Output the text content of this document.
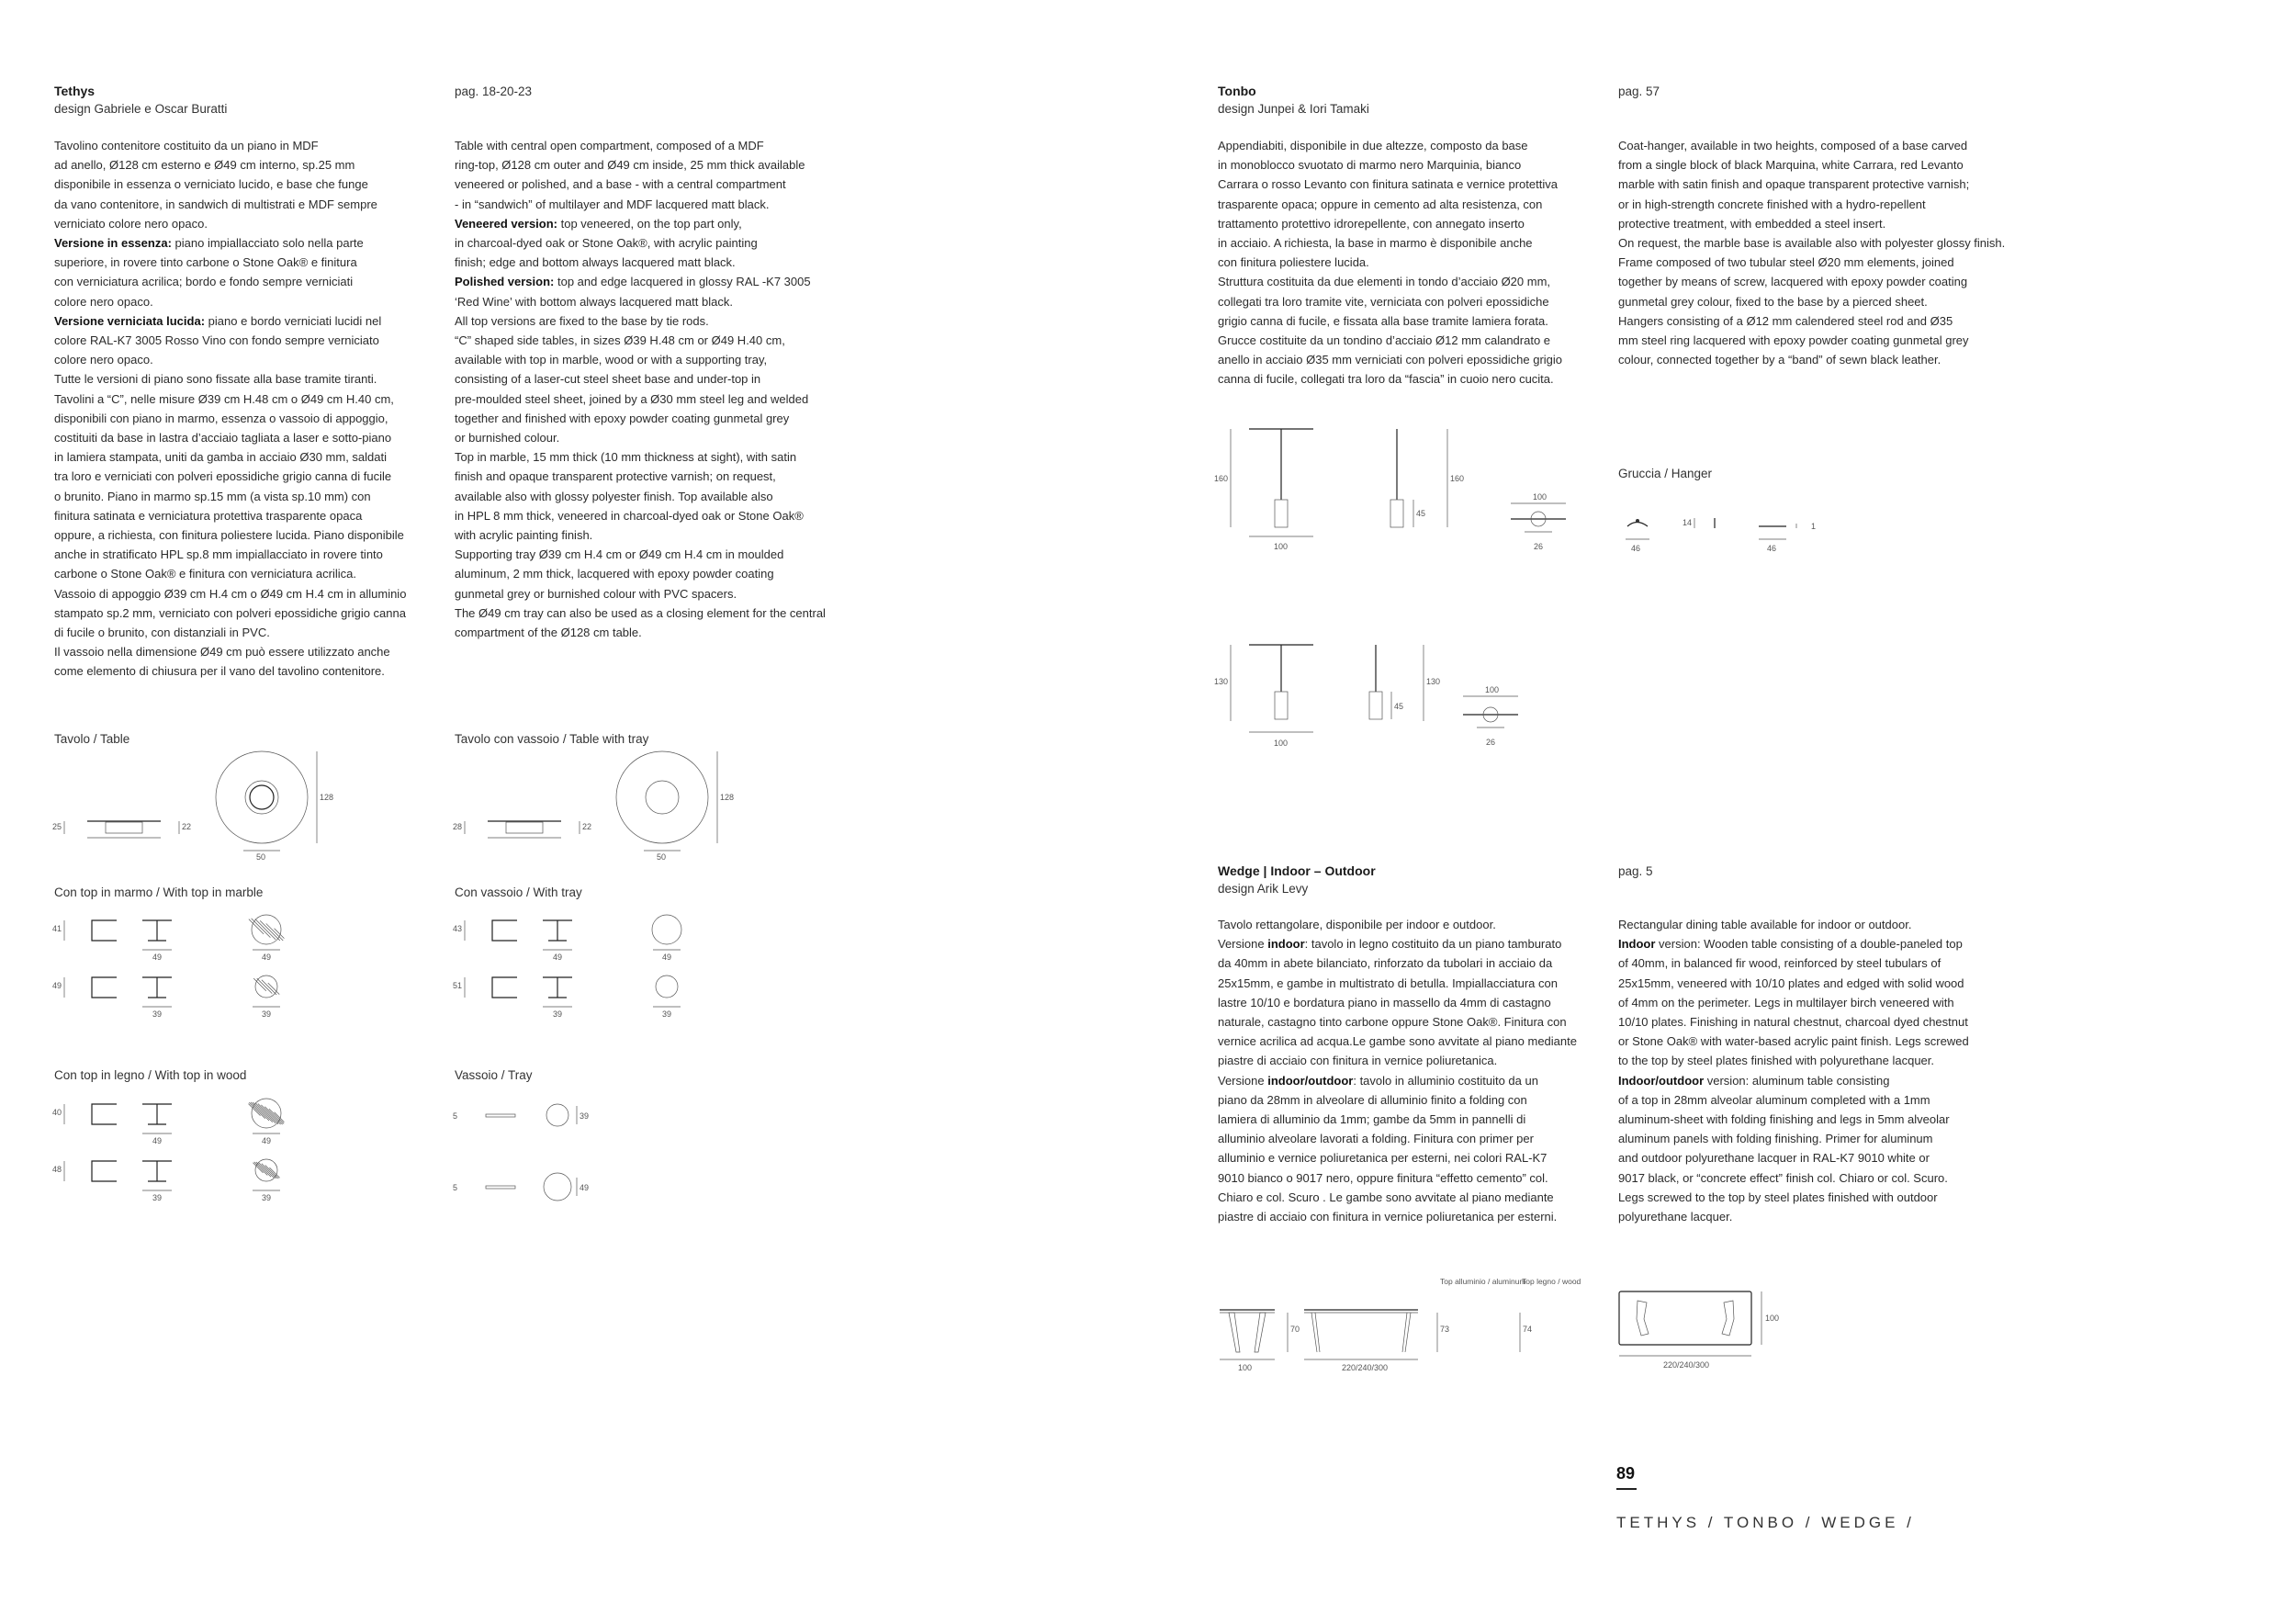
Tethys
design Gabriele e Oscar Buratti
pag. 18-20-23
Tavolino contenitore costituito da un piano in MDF
ad anello, Ø128 cm esterno e Ø49 cm interno, sp.25 mm
disponibile in essenza o verniciato lucido, e base che funge
da vano contenitore, in sandwich di multistrati e MDF sempre
verniciato colore nero opaco.
Versione in essenza: piano impiallacciato solo nella parte
superiore, in rovere tinto carbone o Stone Oak® e finitura
con verniciatura acrilica; bordo e fondo sempre verniciati
colore nero opaco.
Versione verniciata lucida: piano e bordo verniciati lucidi nel
colore RAL-K7 3005 Rosso Vino con fondo sempre verniciato
colore nero opaco.
Tutte le versioni di piano sono fissate alla base tramite tiranti.
Tavolini a “C”, nelle misure Ø39 cm H.48 cm o Ø49 cm H.40 cm,
disponibili con piano in marmo, essenza o vassoio di appoggio,
costituiti da base in lastra d’acciaio tagliata a laser e sotto-piano
in lamiera stampata, uniti da gamba in acciaio Ø30 mm, saldati
tra loro e verniciati con polveri epossidiche grigio canna di fucile
o brunito. Piano in marmo sp.15 mm (a vista sp.10 mm) con
finitura satinata e verniciatura protettiva trasparente opaca
oppure, a richiesta, con finitura poliestere lucida. Piano disponibile
anche in stratificato HPL sp.8 mm impiallacciato in rovere tinto
carbone o Stone Oak® e finitura con verniciatura acrilica.
Vassoio di appoggio Ø39 cm H.4 cm o Ø49 cm H.4 cm in alluminio
stampato sp.2 mm, verniciato con polveri epossidiche grigio canna
di fucile o brunito, con distanziali in PVC.
Il vassoio nella dimensione Ø49 cm può essere utilizzato anche
come elemento di chiusura per il vano del tavolino contenitore.
Table with central open compartment, composed of a MDF
ring-top, Ø128 cm outer and Ø49 cm inside, 25 mm thick available
veneered or polished, and a base - with a central compartment
- in “sandwich” of multilayer and MDF lacquered matt black.
Veneered version: top veneered, on the top part only,
in charcoal-dyed oak or Stone Oak®, with acrylic painting
finish; edge and bottom always lacquered matt black.
Polished version: top and edge lacquered in glossy RAL -K7 3005
‘Red Wine’ with bottom always lacquered matt black.
All top versions are fixed to the base by tie rods.
“C” shaped side tables, in sizes Ø39 H.48 cm or Ø49 H.40 cm,
available with top in marble, wood or with a supporting tray,
consisting of a laser-cut steel sheet base and under-top in
pre-moulded steel sheet, joined by a Ø30 mm steel leg and welded
together and finished with epoxy powder coating gunmetal grey
or burnished colour.
Top in marble, 15 mm thick (10 mm thickness at sight), with satin
finish and opaque transparent protective varnish; on request,
available also with glossy polyester finish. Top available also
in HPL 8 mm thick, veneered in charcoal-dyed oak or Stone Oak®
with acrylic painting finish.
Supporting tray Ø39 cm H.4 cm or Ø49 cm H.4 cm in moulded
aluminum, 2 mm thick, lacquered with epoxy powder coating
gunmetal grey or burnished colour with PVC spacers.
The Ø49 cm tray can also be used as a closing element for the central
compartment of the Ø128 cm table.
Tavolo / Table
25	22
128
50
Tavolo con vassoio / Table with tray
28	22
128
50
Con top in marmo / With top in marble
41
49	49
49
39	39
Con vassoio / With tray
43
49	49
51
39	39
Con top in legno / With top in wood
40
49	49
48
39	39
Vassoio / Tray
5	39
5	49
Tonbo
design Junpei & Iori Tamaki
pag. 57
Appendiabiti, disponibile in due altezze, composto da base
in monoblocco svuotato di marmo nero Marquinia, bianco
Carrara o rosso Levanto con finitura satinata e vernice protettiva
trasparente opaca; oppure in cemento ad alta resistenza, con
trattamento protettivo idrorepellente, con annegato inserto
in acciaio. A richiesta, la base in marmo è disponibile anche
con finitura poliestere lucida.
Struttura costituita da due elementi in tondo d’acciaio Ø20 mm,
collegati tra loro tramite vite, verniciata con polveri epossidiche
grigio canna di fucile, e fissata alla base tramite lamiera forata.
Grucce costituite da un tondino d’acciaio Ø12 mm calandrato e
anello in acciaio Ø35 mm verniciati con polveri epossidiche grigio
canna di fucile, collegati tra loro da “fascia” in cuoio nero cucita.
Coat-hanger, available in two heights, composed of a base carved
from a single block of black Marquina, white Carrara, red Levanto
marble with satin finish and opaque transparent protective varnish;
or in high-strength concrete finished with a hydro-repellent
protective treatment, with embedded a steel insert.
On request, the marble base is available also with polyester glossy finish.
Frame composed of two tubular steel Ø20 mm elements, joined
together by means of screw, lacquered with epoxy powder coating
gunmetal grey colour, fixed to the base by a pierced sheet.
Hangers consisting of a Ø12 mm calendered steel rod and Ø35
mm steel ring lacquered with epoxy powder coating gunmetal grey
colour, connected together by a “band” of sewn black leather.
160
100
45
160
100
26
130
100
45
130
100
26
Gruccia / Hanger
46
14	1
46
Wedge | Indoor – Outdoor
design Arik Levy
pag. 5
Tavolo rettangolare, disponibile per indoor e outdoor.
Versione indoor: tavolo in legno costituito da un piano tamburato
da 40mm in abete bilanciato, rinforzato da tubolari in acciaio da
25x15mm, e gambe in multistrato di betulla. Impiallacciatura con
lastre 10/10 e bordatura piano in massello da 4mm di castagno
naturale, castagno tinto carbone oppure Stone Oak®. Finitura con
vernice acrilica ad acqua.Le gambe sono avvitate al piano mediante
piastre di acciaio con finitura in vernice poliuretanica.
Versione indoor/outdoor: tavolo in alluminio costituito da un
piano da 28mm in alveolare di alluminio finito a folding con
lamiera di alluminio da 1mm; gambe da 5mm in pannelli di
alluminio alveolare lavorati a folding. Finitura con primer per
alluminio e vernice poliuretanica per esterni, nei colori RAL-K7
9010 bianco o 9017 nero, oppure finitura “effetto cemento” col.
Chiaro e col. Scuro . Le gambe sono avvitate al piano mediante
piastre di acciaio con finitura in vernice poliuretanica per esterni.
Rectangular dining table available for indoor or outdoor.
Indoor version: Wooden table consisting of a double-paneled top
of 40mm, in balanced fir wood, reinforced by steel tubulars of
25x15mm, veneered with 10/10 plates and edged with solid wood
of 4mm on the perimeter. Legs in multilayer birch veneered with
10/10 plates. Finishing in natural chestnut, charcoal dyed chestnut
or Stone Oak® with water-based acrylic paint finish. Legs screwed
to the top by steel plates finished with polyurethane lacquer.
Indoor/outdoor version: aluminum table consisting
of a top in 28mm alveolar aluminum completed with a 1mm
aluminum-sheet with folding finishing and legs in 5mm alveolar
aluminum panels with folding finishing. Primer for aluminum
and outdoor polyurethane lacquer in RAL-K7 9010 white or
9017 black, or “concrete effect” finish col. Chiaro or col. Scuro.
Legs screwed to the top by steel plates finished with outdoor
polyurethane lacquer.
Top alluminio / aluminum
Top legno / wood
100
70
220/240/300
73	74
100
220/240/300
89
TETHYS / TONBO / WEDGE /
